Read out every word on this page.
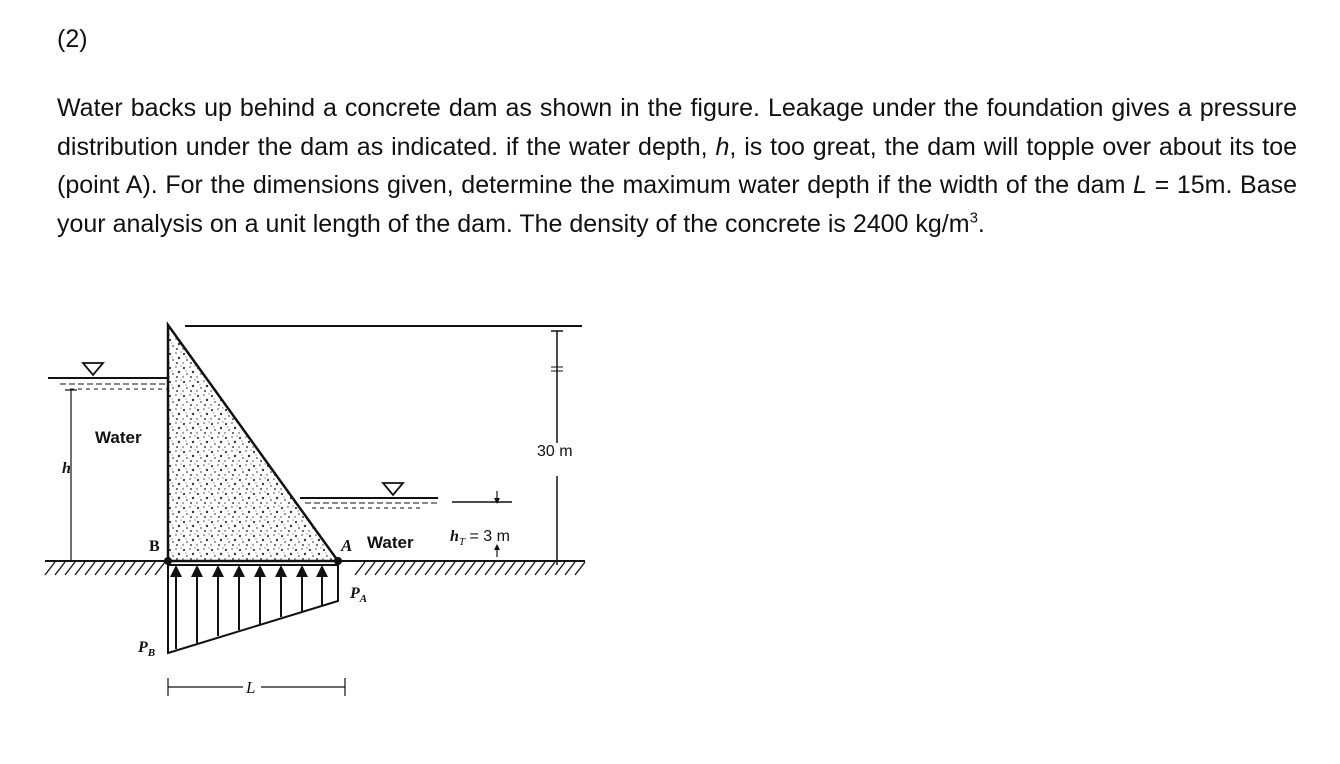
(2)

Water backs up behind a concrete dam as shown in the figure. Leakage under the foundation gives a pressure distribution under the dam as indicated. if the water depth, h, is too great, the dam will topple over about its toe (point A). For the dimensions given, determine the maximum water depth if the width of the dam L = 15m. Base your analysis on a unit length of the dam. The density of the concrete is 2400 $kg/m^3$.

30 m
h
Water
$h_T = 3$ m
A Water
B
$P_A$
$P_B$
L
